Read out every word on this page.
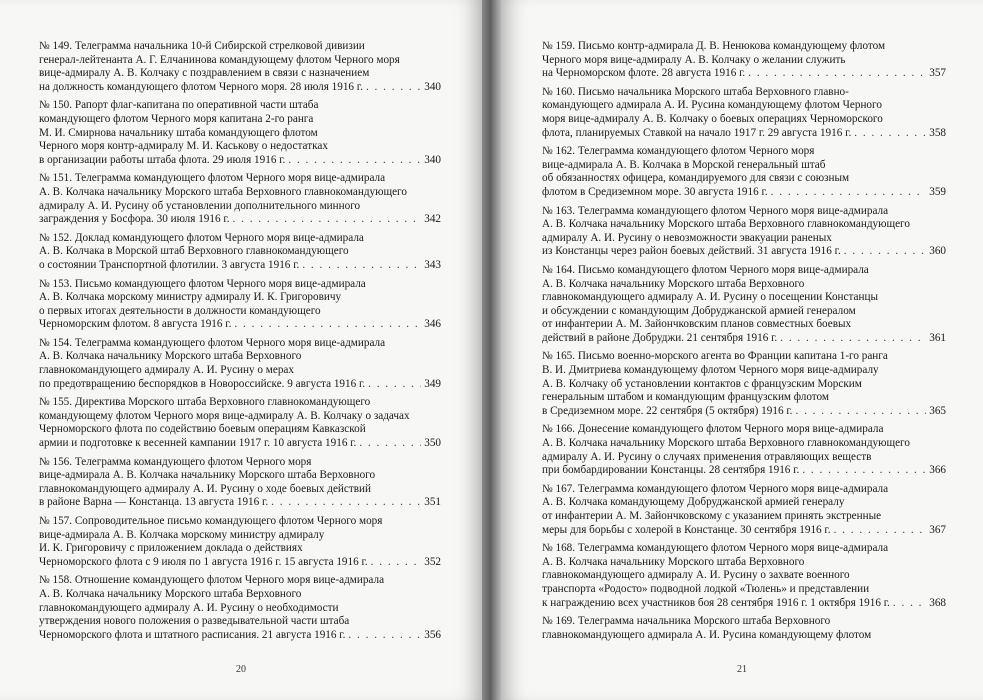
№ 149. Телеграмма начальника 10-й Сибирской стрелковой дивизии
генерал-лейтенанта А. Г. Елчанинова командующему флотом Черного моря
вице-адмиралу А. В. Колчаку с поздравлением в связи с назначением
на должность командующего флотом Черного моря. 28 июля 1916 г. . . .	340
№ 150. Рапорт флаг-капитана по оперативной части штаба
командующего флотом Черного моря капитана 2-го ранга
М. И. Смирнова начальнику штаба командующего флотом
Черного моря контр-адмиралу М. И. Каськову о недостатках
в организации работы штаба флота. 29 июля 1916 г. . . .	340
№ 151. Телеграмма командующего флотом Черного моря вице-адмирала
А. В. Колчака начальнику Морского штаба Верховного главнокомандующего
адмиралу А. И. Русину об установлении дополнительного минного
заграждения у Босфора. 30 июля 1916 г. . . .	342
№ 152. Доклад командующего флотом Черного моря вице-адмирала
А. В. Колчака в Морской штаб Верховного главнокомандующего
о состоянии Транспортной флотилии. 3 августа 1916 г. . . .	343
№ 153. Письмо командующего флотом Черного моря вице-адмирала
А. В. Колчака морскому министру адмиралу И. К. Григоровичу
о первых итогах деятельности в должности командующего
Черноморским флотом. 8 августа 1916 г. . . .	346
№ 154. Телеграмма командующего флотом Черного моря вице-адмирала
А. В. Колчака начальнику Морского штаба Верховного
главнокомандующего адмиралу А. И. Русину о мерах
по предотвращению беспорядков в Новороссийске. 9 августа 1916 г. . . .	349
№ 155. Директива Морского штаба Верховного главнокомандующего
командующему флотом Черного моря вице-адмиралу А. В. Колчаку о задачах
Черноморского флота по содействию боевым операциям Кавказской
армии и подготовке к весенней кампании 1917 г. 10 августа 1916 г. . . .	350
№ 156. Телеграмма командующего флотом Черного моря
вице-адмирала А. В. Колчака начальнику Морского штаба Верховного
главнокомандующего адмиралу А. И. Русину о ходе боевых действий
в районе Варна — Констанца. 13 августа 1916 г. . . .	351
№ 157. Сопроводительное письмо командующего флотом Черного моря
вице-адмирала А. В. Колчака морскому министру адмиралу
И. К. Григоровичу с приложением доклада о действиях
Черноморского флота с 9 июля по 1 августа 1916 г. 15 августа 1916 г. . . .	352
№ 158. Отношение командующего флотом Черного моря вице-адмирала
А. В. Колчака начальнику Морского штаба Верховного
главнокомандующего адмиралу А. И. Русину о необходимости
утверждения нового положения о разведывательной части штаба
Черноморского флота и штатного расписания. 21 августа 1916 г. . . .	356
20
№ 159. Письмо контр-адмирала Д. В. Ненюкова командующему флотом
Черного моря вице-адмиралу А. В. Колчаку о желании служить
на Черноморском флоте. 28 августа 1916 г. . . .	357
№ 160. Письмо начальника Морского штаба Верховного главно-
командующего адмирала А. И. Русина командующему флотом Черного
моря вице-адмиралу А. В. Колчаку о боевых операциях Черноморского
флота, планируемых Ставкой на начало 1917 г. 29 августа 1916 г. . . .	358
№ 162. Телеграмма командующего флотом Черного моря
вице-адмирала А. В. Колчака в Морской генеральный штаб
об обязанностях офицера, командируемого для связи с союзным
флотом в Средиземном море. 30 августа 1916 г. . . .	359
№ 163. Телеграмма командующего флотом Черного моря вице-адмирала
А. В. Колчака начальнику Морского штаба Верховного главнокомандующего
адмиралу А. И. Русину о невозможности эвакуации раненых
из Констанцы через район боевых действий. 31 августа 1916 г. . . .	360
№ 164. Письмо командующего флотом Черного моря вице-адмирала
А. В. Колчака начальнику Морского штаба Верховного
главнокомандующего адмиралу А. И. Русину о посещении Констанцы
и обсуждении с командующим Добруджанской армией генералом
от инфантерии А. М. Зайончковским планов совместных боевых
действий в районе Добруджи. 21 сентября 1916 г. . . .	361
№ 165. Письмо военно-морского агента во Франции капитана 1-го ранга
В. И. Дмитриева командующему флотом Черного моря вице-адмиралу
А. В. Колчаку об установлении контактов с французским Морским
генеральным штабом и командующим французским флотом
в Средиземном море. 22 сентября (5 октября) 1916 г. . . .	365
№ 166. Донесение командующего флотом Черного моря вице-адмирала
А. В. Колчака начальнику Морского штаба Верховного главнокомандующего
адмиралу А. И. Русину о случаях применения отравляющих веществ
при бомбардировании Констанцы. 28 сентября 1916 г. . . .	366
№ 167. Телеграмма командующего флотом Черного моря вице-адмирала
А. В. Колчака командующему Добруджанской армией генералу
от инфантерии А. М. Зайончковскому с указанием принять экстренные
меры для борьбы с холерой в Констанце. 30 сентября 1916 г. . . .	367
№ 168. Телеграмма командующего флотом Черного моря вице-адмирала
А. В. Колчака начальнику Морского штаба Верховного
главнокомандующего адмиралу А. И. Русину о захвате военного
транспорта «Родосто» подводной лодкой «Тюлень» и представлении
к награждению всех участников боя 28 сентября 1916 г. 1 октября 1916 г. . . .	368
№ 169. Телеграмма начальника Морского штаба Верховного
главнокомандующего адмирала А. И. Русина командующему флотом
21
